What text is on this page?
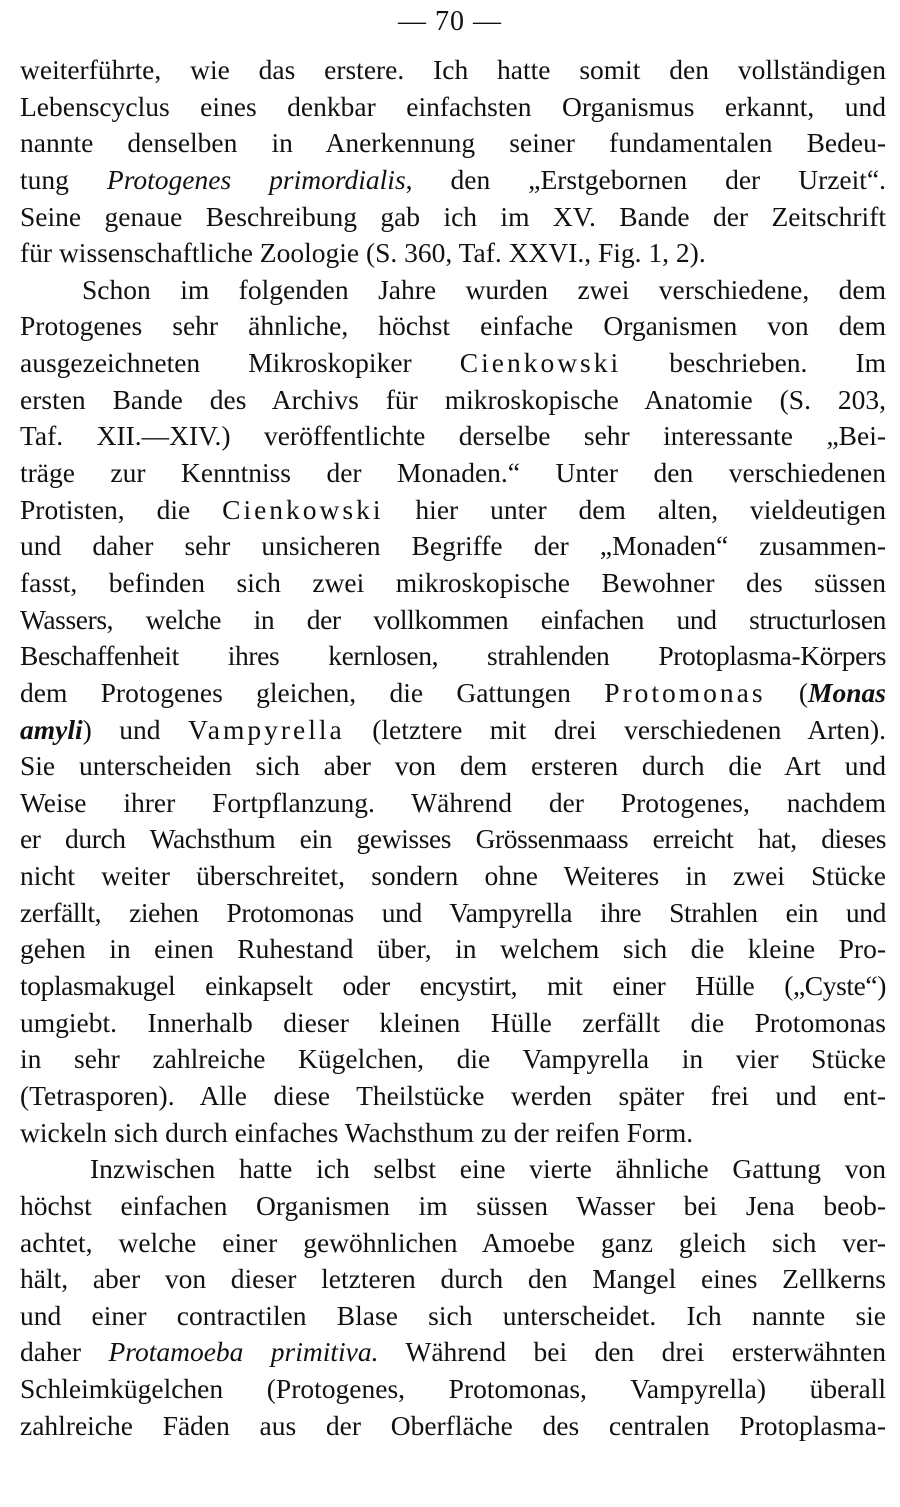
— 70 —
weiterführte, wie das erstere. Ich hatte somit den vollständigen
Lebenscyclus eines denkbar einfachsten Organismus erkannt, und
nannte denselben in Anerkennung seiner fundamentalen Bedeu-
tung Protogenes primordialis, den „Erstgebornen der Urzeit“.
Seine genaue Beschreibung gab ich im XV. Bande der Zeitschrift
für wissenschaftliche Zoologie (S. 360, Taf. XXVI., Fig. 1, 2).
Schon im folgenden Jahre wurden zwei verschiedene, dem
Protogenes sehr ähnliche, höchst einfache Organismen von dem
ausgezeichneten Mikroskopiker Cienkowski beschrieben. Im
ersten Bande des Archivs für mikroskopische Anatomie (S. 203,
Taf. XII.—XIV.) veröffentlichte derselbe sehr interessante „Bei-
träge zur Kenntniss der Monaden.“ Unter den verschiedenen
Protisten, die Cienkowski hier unter dem alten, vieldeutigen
und daher sehr unsicheren Begriffe der „Monaden“ zusammen-
fasst, befinden sich zwei mikroskopische Bewohner des süssen
Wassers, welche in der vollkommen einfachen und structurlosen
Beschaffenheit ihres kernlosen, strahlenden Protoplasma-Körpers
dem Protogenes gleichen, die Gattungen Protomonas (Monas
amyli) und Vampyrella (letztere mit drei verschiedenen Arten).
Sie unterscheiden sich aber von dem ersteren durch die Art und
Weise ihrer Fortpflanzung. Während der Protogenes, nachdem
er durch Wachsthum ein gewisses Grössenmaass erreicht hat, dieses
nicht weiter überschreitet, sondern ohne Weiteres in zwei Stücke
zerfällt, ziehen Protomonas und Vampyrella ihre Strahlen ein und
gehen in einen Ruhestand über, in welchem sich die kleine Pro-
toplasmakugel einkapselt oder encystirt, mit einer Hülle („Cyste“)
umgiebt. Innerhalb dieser kleinen Hülle zerfällt die Protomonas
in sehr zahlreiche Kügelchen, die Vampyrella in vier Stücke
(Tetrasporen). Alle diese Theilstücke werden später frei und ent-
wickeln sich durch einfaches Wachsthum zu der reifen Form.
Inzwischen hatte ich selbst eine vierte ähnliche Gattung von
höchst einfachen Organismen im süssen Wasser bei Jena beob-
achtet, welche einer gewöhnlichen Amoebe ganz gleich sich ver-
hält, aber von dieser letzteren durch den Mangel eines Zellkerns
und einer contractilen Blase sich unterscheidet. Ich nannte sie
daher Protamoeba primitiva. Während bei den drei ersterwähnten
Schleimkügelchen (Protogenes, Protomonas, Vampyrella) überall
zahlreiche Fäden aus der Oberfläche des centralen Protoplasma-
